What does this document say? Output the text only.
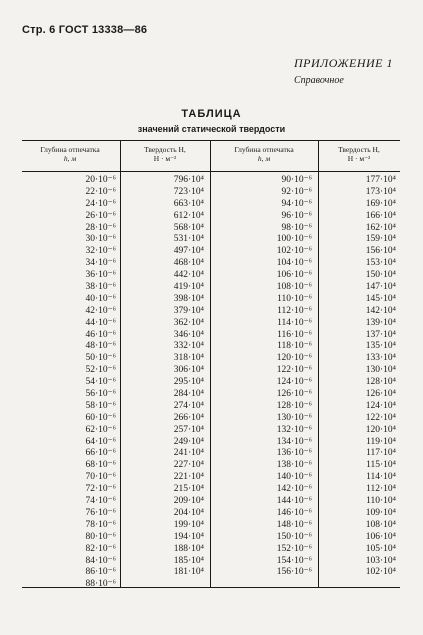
Стр. 6 ГОСТ 13338—86
ПРИЛОЖЕНИЕ 1
Справочное
ТАБЛИЦА
значений статической твердости
Глубина отпечатка
h, м
Твердость H,
Н · м⁻²
Глубина отпечатка
h, м
Твердость H,
Н · м⁻²
20·10⁻⁶
22·10⁻⁶
24·10⁻⁶
26·10⁻⁶
28·10⁻⁶
30·10⁻⁶
32·10⁻⁶
34·10⁻⁶
36·10⁻⁶
38·10⁻⁶
40·10⁻⁶
42·10⁻⁶
44·10⁻⁶
46·10⁻⁶
48·10⁻⁶
50·10⁻⁶
52·10⁻⁶
54·10⁻⁶
56·10⁻⁶
58·10⁻⁶
60·10⁻⁶
62·10⁻⁶
64·10⁻⁶
66·10⁻⁶
68·10⁻⁶
70·10⁻⁶
72·10⁻⁶
74·10⁻⁶
76·10⁻⁶
78·10⁻⁶
80·10⁻⁶
82·10⁻⁶
84·10⁻⁶
86·10⁻⁶
88·10⁻⁶
796·10⁴
723·10⁴
663·10⁴
612·10⁴
568·10⁴
531·10⁴
497·10⁴
468·10⁴
442·10⁴
419·10⁴
398·10⁴
379·10⁴
362·10⁴
346·10⁴
332·10⁴
318·10⁴
306·10⁴
295·10⁴
284·10⁴
274·10⁴
266·10⁴
257·10⁴
249·10⁴
241·10⁴
227·10⁴
221·10⁴
215·10⁴
209·10⁴
204·10⁴
199·10⁴
194·10⁴
188·10⁴
185·10⁴
181·10⁴
90·10⁻⁶
92·10⁻⁶
94·10⁻⁶
96·10⁻⁶
98·10⁻⁶
100·10⁻⁶
102·10⁻⁶
104·10⁻⁶
106·10⁻⁶
108·10⁻⁶
110·10⁻⁶
112·10⁻⁶
114·10⁻⁶
116·10⁻⁶
118·10⁻⁶
120·10⁻⁶
122·10⁻⁶
124·10⁻⁶
126·10⁻⁶
128·10⁻⁶
130·10⁻⁶
132·10⁻⁶
134·10⁻⁶
136·10⁻⁶
138·10⁻⁶
140·10⁻⁶
142·10⁻⁶
144·10⁻⁶
146·10⁻⁶
148·10⁻⁶
150·10⁻⁶
152·10⁻⁶
154·10⁻⁶
156·10⁻⁶
177·10⁴
173·10⁴
169·10⁴
166·10⁴
162·10⁴
159·10⁴
156·10⁴
153·10⁴
150·10⁴
147·10⁴
145·10⁴
142·10⁴
139·10⁴
137·10⁴
135·10⁴
133·10⁴
130·10⁴
128·10⁴
126·10⁴
124·10⁴
122·10⁴
120·10⁴
119·10⁴
117·10⁴
115·10⁴
114·10⁴
112·10⁴
110·10⁴
109·10⁴
108·10⁴
106·10⁴
105·10⁴
103·10⁴
102·10⁴
